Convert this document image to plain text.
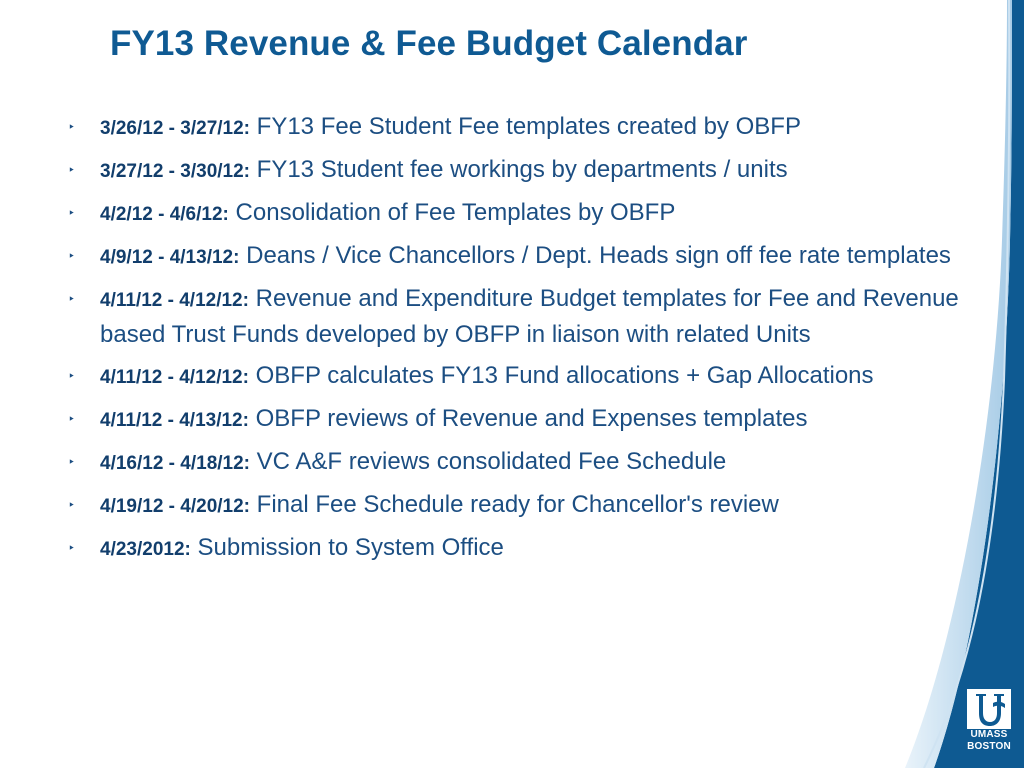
FY13 Revenue & Fee Budget Calendar
‣ 3/26/12 - 3/27/12: FY13 Fee Student Fee templates created by OBFP
‣ 3/27/12 - 3/30/12: FY13 Student fee workings by departments / units
‣ 4/2/12 - 4/6/12: Consolidation of Fee Templates by OBFP
‣ 4/9/12 - 4/13/12: Deans / Vice Chancellors / Dept. Heads sign off fee rate templates
‣ 4/11/12 - 4/12/12: Revenue and Expenditure Budget templates for Fee and Revenue based Trust Funds developed by OBFP in liaison with related Units
‣ 4/11/12 - 4/12/12: OBFP calculates FY13 Fund allocations + Gap Allocations
‣ 4/11/12 - 4/13/12: OBFP reviews of Revenue and Expenses templates
‣ 4/16/12 - 4/18/12: VC A&F reviews consolidated Fee Schedule
‣ 4/19/12 - 4/20/12: Final Fee Schedule ready for Chancellor's review
‣ 4/23/2012: Submission to System Office
UMASS
BOSTON
